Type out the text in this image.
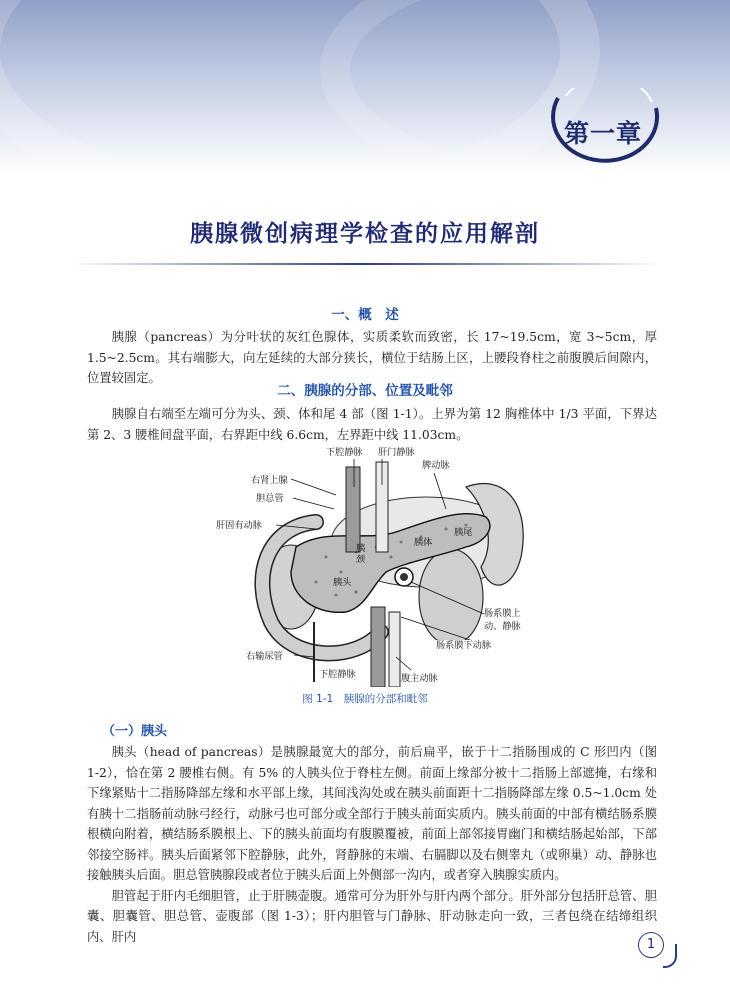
第一章
胰腺微创病理学检查的应用解剖
一、概　述

胰腺（pancreas）为分叶状的灰红色腺体，实质柔软而致密，长 17~19.5cm，宽 3~5cm，厚 1.5~2.5cm。其右端膨大，向左延续的大部分狭长，横位于结肠上区，上腰段脊柱之前腹膜后间隙内，位置较固定。

二、胰腺的分部、位置及毗邻

胰腺自右端至左端可分为头、颈、体和尾 4 部（图 1-1）。上界为第 12 胸椎体中 1/3 平面，下界达第 2、3 腰椎间盘平面，右界距中线 6.6cm，左界距中线 11.03cm。

下腔静脉 肝门静脉
脾动脉
右肾上腺
胆总管
肝固有动脉
胰颈
胰体
胰尾
胰头
肠系膜上动、静脉
肠系膜下动脉
右输尿管
下腔静脉	腹主动脉
图 1-1　胰腺的分部和毗邻
（一）胰头

胰头（head of pancreas）是胰腺最宽大的部分，前后扁平，嵌于十二指肠围成的 C 形凹内（图 1-2），恰在第 2 腰椎右侧。有 5% 的人胰头位于脊柱左侧。前面上缘部分被十二指肠上部遮掩，右缘和下缘紧贴十二指肠降部左缘和水平部上缘，其间浅沟处或在胰头前面距十二指肠降部左缘 0.5~1.0cm 处有胰十二指肠前动脉弓经行，动脉弓也可部分或全部行于胰头前面实质内。胰头前面的中部有横结肠系膜根横向附着，横结肠系膜根上、下的胰头前面均有腹膜覆被，前面上部邻接胃幽门和横结肠起始部，下部邻接空肠袢。胰头后面紧邻下腔静脉，此外，肾静脉的末端、右膈脚以及右侧睾丸（或卵巢）动、静脉也接触胰头后面。胆总管胰腺段或者位于胰头后面上外侧部一沟内，或者穿入胰腺实质内。

胆管起于肝内毛细胆管，止于肝胰壶腹。通常可分为肝外与肝内两个部分。肝外部分包括肝总管、胆囊、胆囊管、胆总管、壶腹部（图 1-3）；肝内胆管与门静脉、肝动脉走向一致，三者包绕在结缔组织内、肝内

1
